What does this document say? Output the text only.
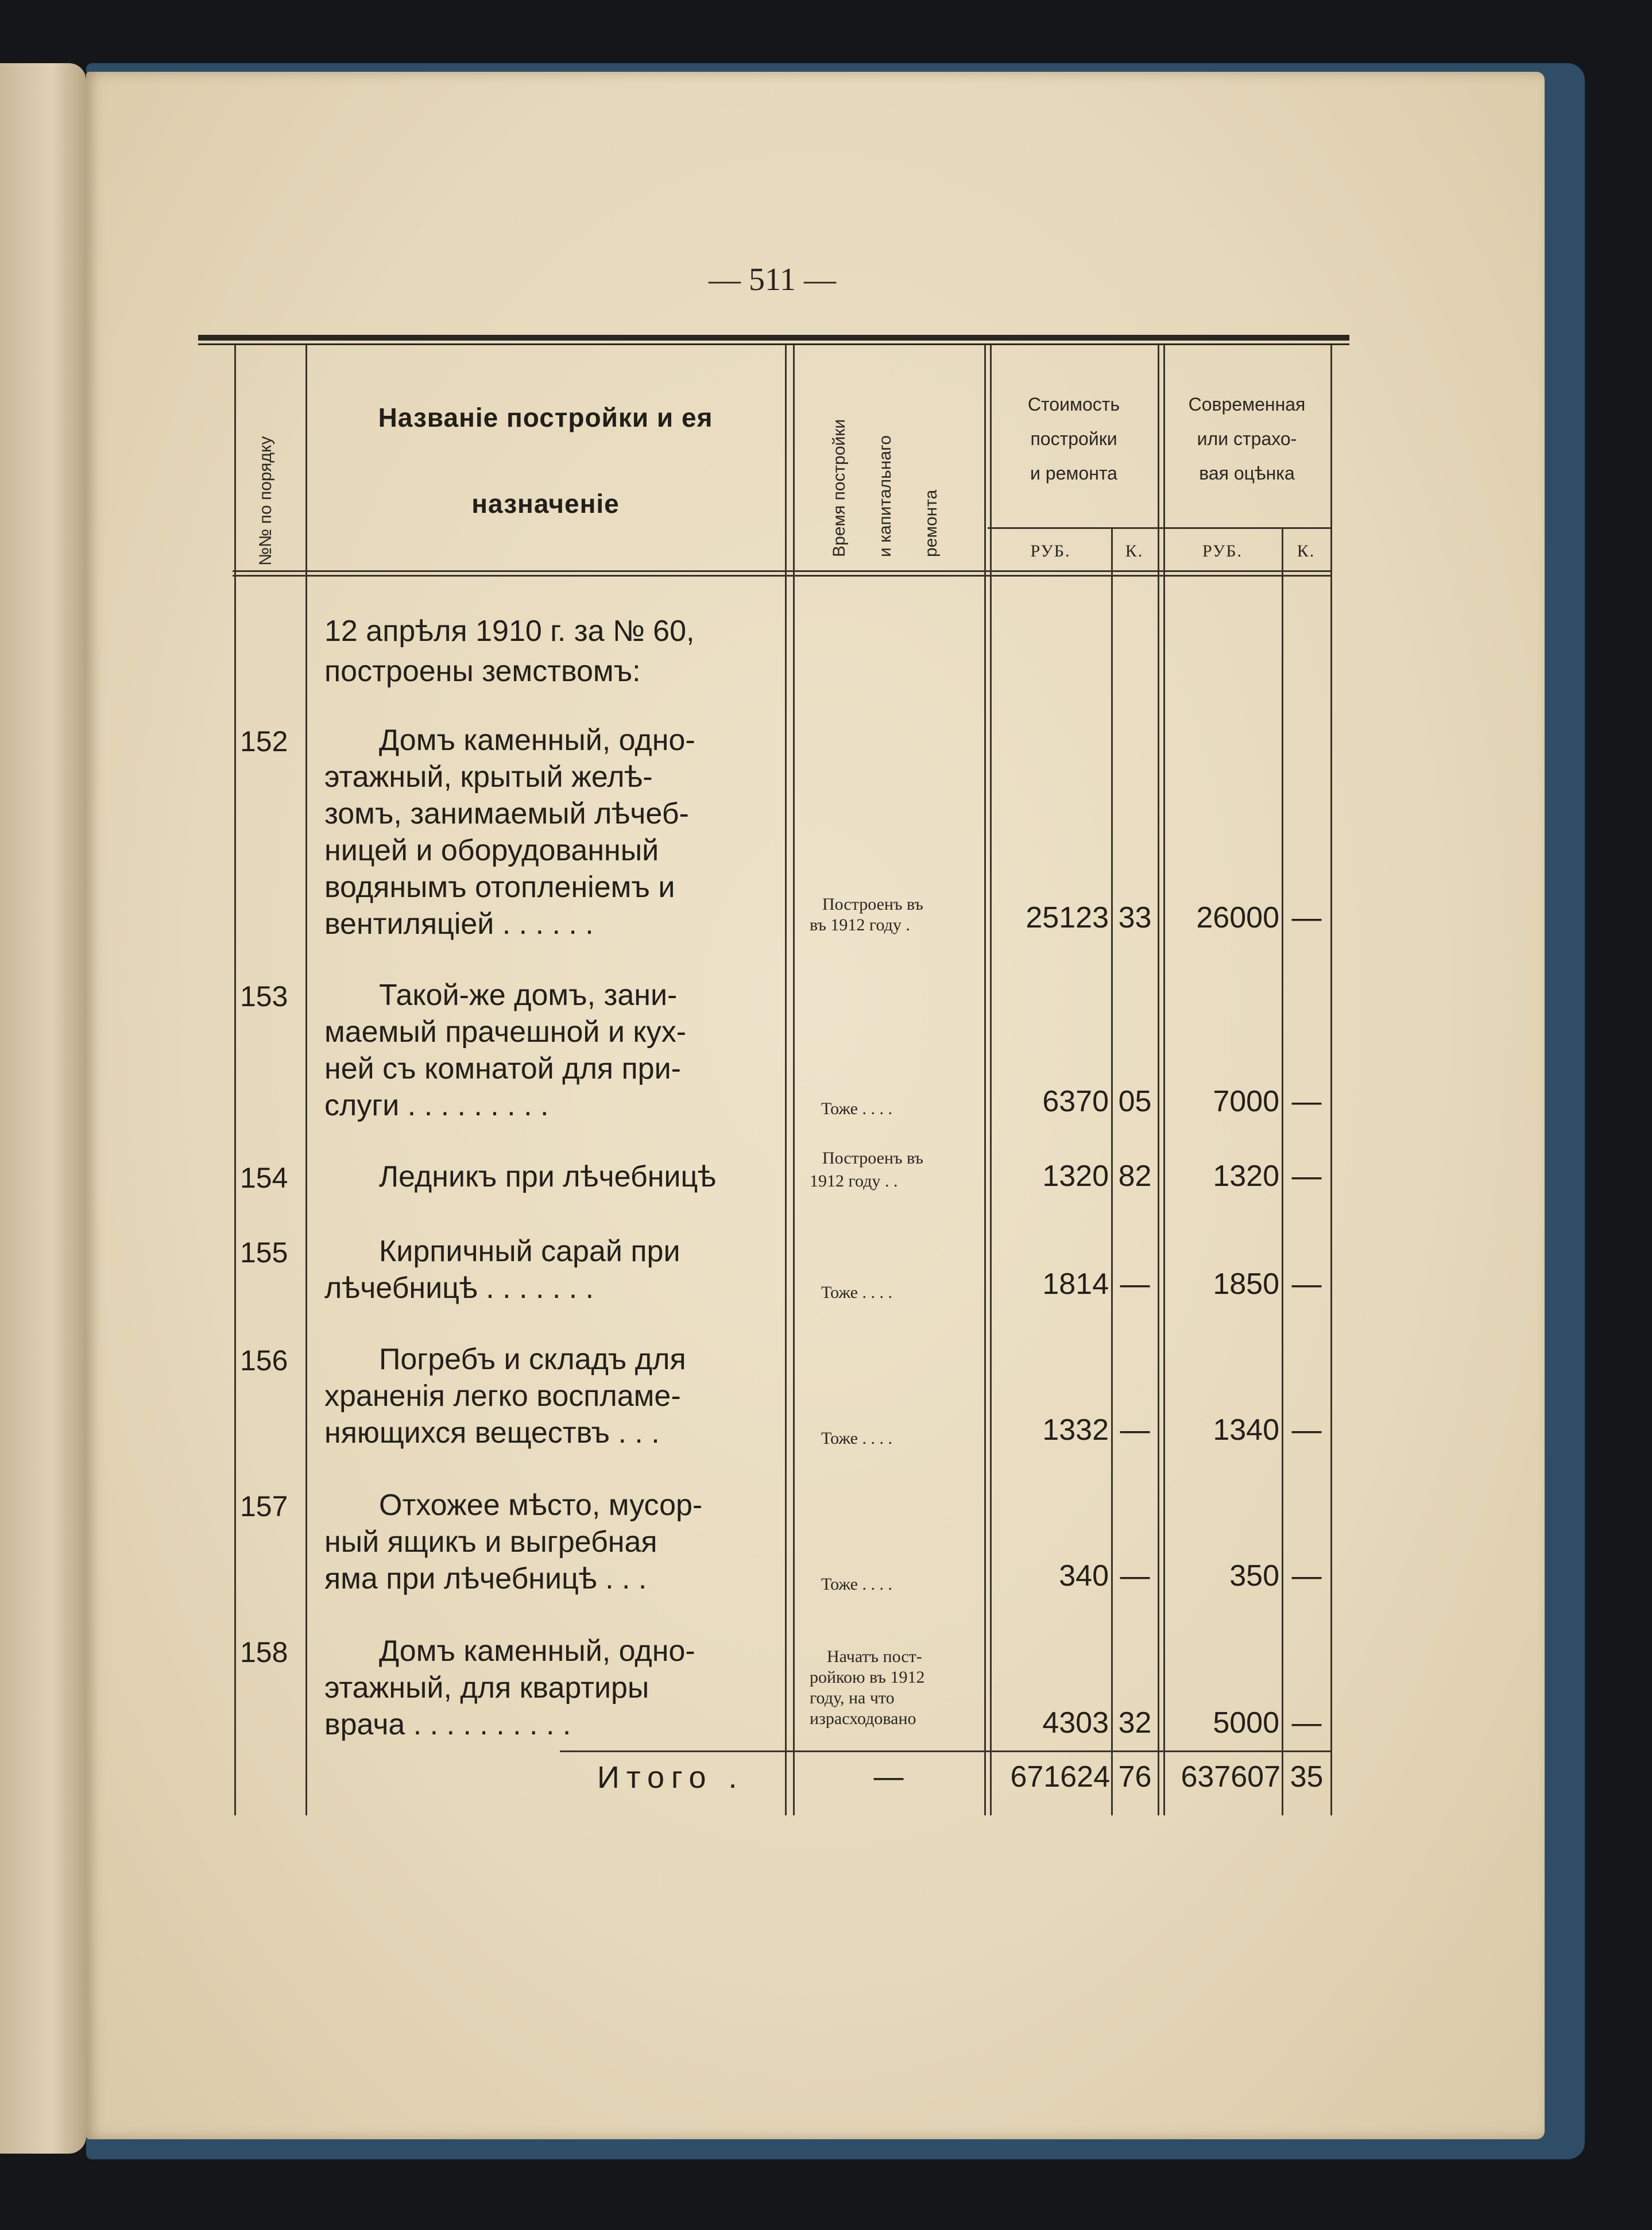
— 511 —
№№ по порядку
Названіе постройки и ея
назначеніе	Время постройки и капитальнаго ремонта
Стоимость
постройки
и ремонта
Современная
или страхо-
вая оцѣнка
РУБ.	К.	РУБ.	К.
12 апрѣля 1910 г. за № 60,
построены земствомъ:
152	Домъ каменный, одно-
этажный, крытый желѣ-
зомъ, занимаемый лѣчеб-
ницей и оборудованный
водянымъ отопленіемъ и
вентиляціей . . . . . .
Построенъ въ
въ 1912 году .	25123 33	26000 —
153	Такой-же домъ, зани-
маемый прачешной и кух-
ней съ комнатой для при-
слуги . . . . . . . . .	Тоже . . . .	6370 05	7000 —
154	Ледникъ при лѣчебницѣ
Построенъ въ
1912 году . .	1320 82	1320 —
155	Кирпичный сарай при
лѣчебницѣ . . . . . . .	Тоже . . . .	1814 —	1850 —
156	Погребъ и складъ для
храненія легко воспламе-
няющихся веществъ . . .	Тоже . . . .	1332 —	1340 —
157	Отхожее мѣсто, мусор-
ный ящикъ и выгребная
яма при лѣчебницѣ . . .	Тоже . . . .	340 —	350 —
158	Домъ каменный, одно-
этажный, для квартиры
врача . . . . . . . . . .
Начатъ пост-
ройкою въ 1912
году, на что
израсходовано	4303 32	5000 —
Итого .	—	671624 76 637607 35
